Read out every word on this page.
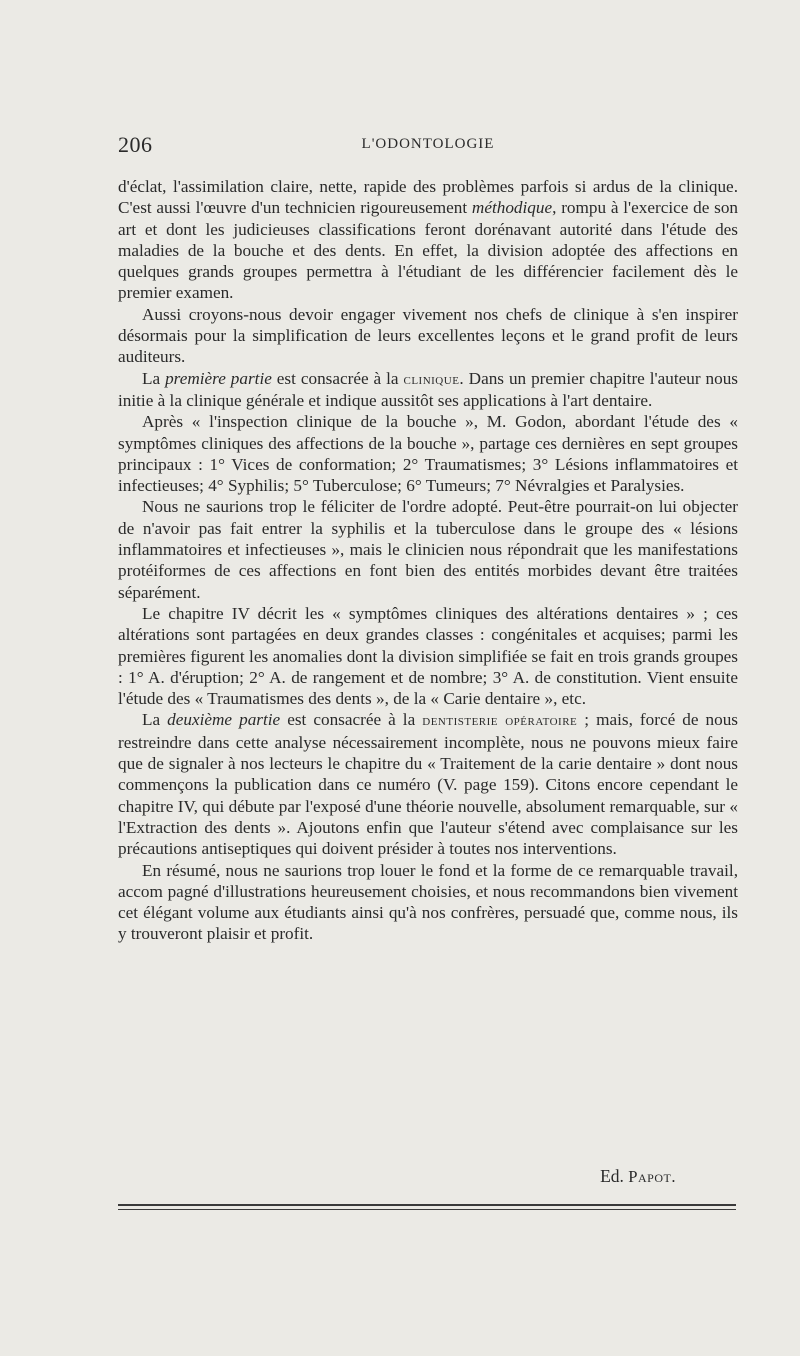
206	L'ODONTOLOGIE

d'éclat, l'assimilation claire, nette, rapide des problèmes parfois si ardus de la clinique. C'est aussi l'œuvre d'un technicien rigoureusement méthodique, rompu à l'exercice de son art et dont les judicieuses classifications feront dorénavant autorité dans l'étude des maladies de la bouche et des dents. En effet, la division adoptée des affections en quelques grands groupes permettra à l'étudiant de les différencier facilement dès le premier examen.

Aussi croyons-nous devoir engager vivement nos chefs de clinique à s'en inspirer désormais pour la simplification de leurs excellentes leçons et le grand profit de leurs auditeurs.

La première partie est consacrée à la clinique. Dans un premier chapitre l'auteur nous initie à la clinique générale et indique aussitôt ses applications à l'art dentaire.

Après « l'inspection clinique de la bouche », M. Godon, abordant l'étude des « symptômes cliniques des affections de la bouche », partage ces dernières en sept groupes principaux : 1° Vices de conformation; 2° Traumatismes; 3° Lésions inflammatoires et infectieuses; 4° Syphilis; 5° Tuberculose; 6° Tumeurs; 7° Névralgies et Paralysies.

Nous ne saurions trop le féliciter de l'ordre adopté. Peut-être pourrait-on lui objecter de n'avoir pas fait entrer la syphilis et la tuberculose dans le groupe des « lésions inflammatoires et infectieuses », mais le clinicien nous répondrait que les manifestations protéiformes de ces affections en font bien des entités morbides devant être traitées séparément.

Le chapitre IV décrit les « symptômes cliniques des altérations dentaires » ; ces altérations sont partagées en deux grandes classes : congénitales et acquises; parmi les premières figurent les anomalies dont la division simplifiée se fait en trois grands groupes : 1° A. d'éruption; 2° A. de rangement et de nombre; 3° A. de constitution. Vient ensuite l'étude des « Traumatismes des dents », de la « Carie dentaire », etc.

La deuxième partie est consacrée à la dentisterie opératoire ; mais, forcé de nous restreindre dans cette analyse nécessairement incomplète, nous ne pouvons mieux faire que de signaler à nos lecteurs le chapitre du « Traitement de la carie dentaire » dont nous commençons la publication dans ce numéro (V. page 159). Citons encore cependant le chapitre IV, qui débute par l'exposé d'une théorie nouvelle, absolument remarquable, sur « l'Extraction des dents ». Ajoutons enfin que l'auteur s'étend avec complaisance sur les précautions antiseptiques qui doivent présider à toutes nos interventions.

En résumé, nous ne saurions trop louer le fond et la forme de ce remarquable travail, accom pagné d'illustrations heureusement choisies, et nous recommandons bien vivement cet élégant volume aux étudiants ainsi qu'à nos confrères, persuadé que, comme nous, ils y trouveront plaisir et profit.

Ed. Papot.
